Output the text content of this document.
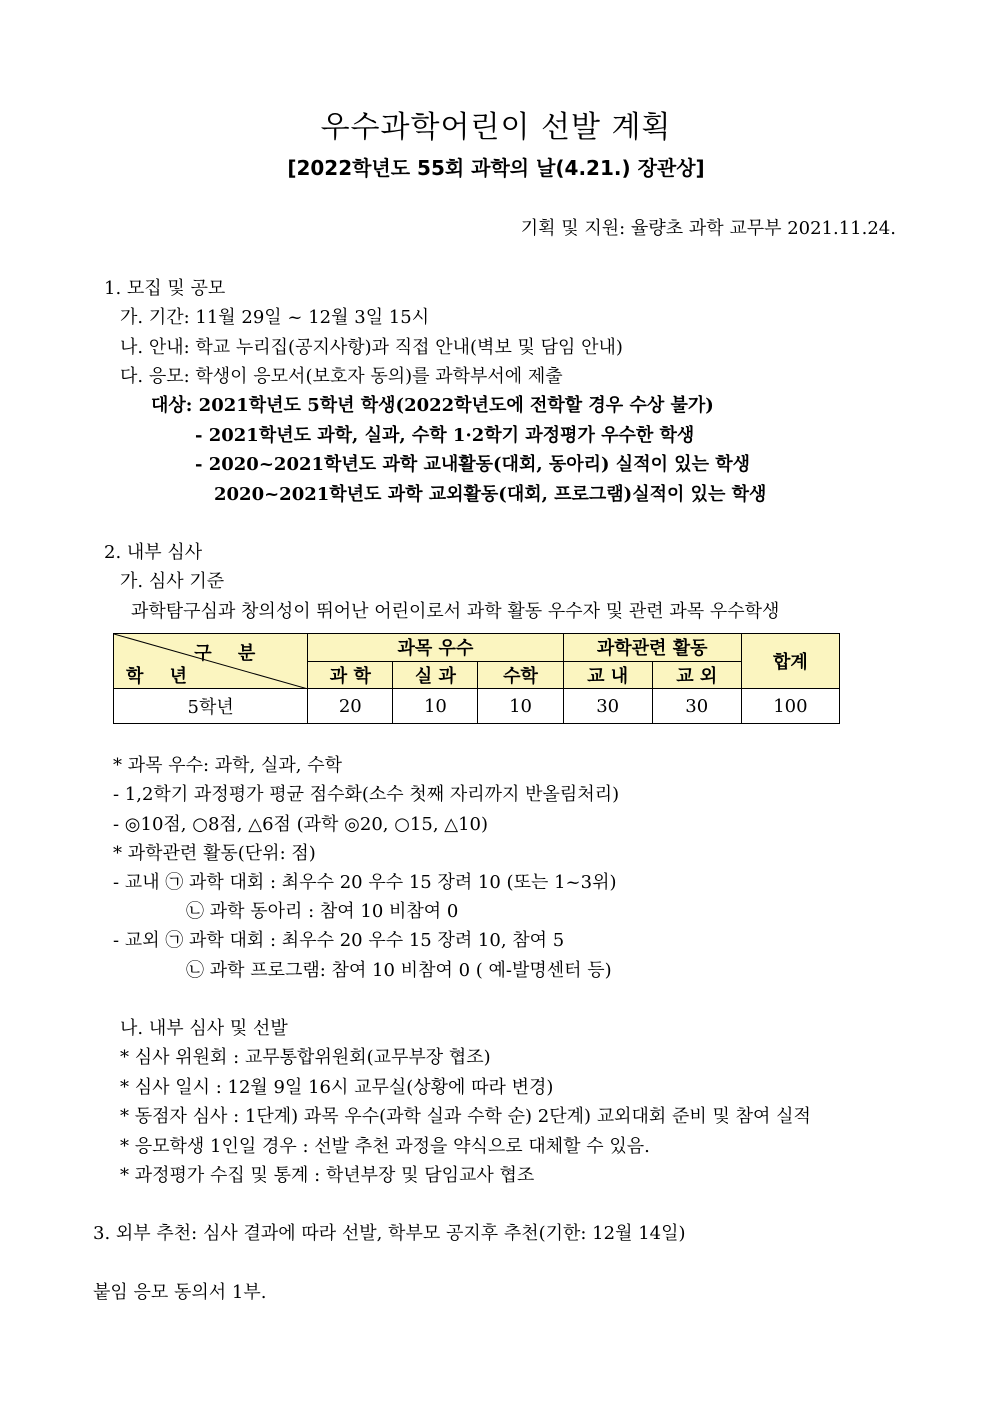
우수과학어린이 선발 계획
[2022학년도 55회 과학의 날(4.21.) 장관상]
기획 및 지원: 율량초 과학 교무부 2021.11.24.
1. 모집 및 공모
가. 기간: 11월 29일 ~ 12월 3일 15시
나. 안내: 학교 누리집(공지사항)과 직접 안내(벽보 및 담임 안내)
다. 응모: 학생이 응모서(보호자 동의)를 과학부서에 제출
대상: 2021학년도 5학년 학생(2022학년도에 전학할 경우 수상 불가)
- 2021학년도 과학, 실과, 수학 1·2학기 과정평가 우수한 학생
- 2020~2021학년도 과학 교내활동(대회, 동아리) 실적이 있는 학생
2020~2021학년도 과학 교외활동(대회, 프로그램)실적이 있는 학생
2. 내부 심사
가. 심사 기준
과학탐구심과 창의성이 뛰어난 어린이로서 과학 활동 우수자 및 관련 과목 우수학생
구 분
학 년	과목 우수			과학관련 활동		합계
	과 학	실 과	수학	교 내	교 외	
5학년	20	10	10	30	30	100
* 과목 우수: 과학, 실과, 수학
- 1,2학기 과정평가 평균 점수화(소수 첫째 자리까지 반올림처리)
- ◎10점, ○8점, △6점 (과학 ◎20, ○15, △10)
* 과학관련 활동(단위: 점)
- 교내 ㉠ 과학 대회 : 최우수 20 우수 15 장려 10 (또는 1~3위)
㉡ 과학 동아리 : 참여 10 비참여 0
- 교외 ㉠ 과학 대회 : 최우수 20 우수 15 장려 10, 참여 5
㉡ 과학 프로그램: 참여 10 비참여 0 ( 예-발명센터 등)
나. 내부 심사 및 선발
* 심사 위원회 : 교무통합위원회(교무부장 협조)
* 심사 일시 : 12월 9일 16시 교무실(상황에 따라 변경)
* 동점자 심사 : 1단계) 과목 우수(과학 실과 수학 순) 2단계) 교외대회 준비 및 참여 실적
* 응모학생 1인일 경우 : 선발 추천 과정을 약식으로 대체할 수 있음.
* 과정평가 수집 및 통계 : 학년부장 및 담임교사 협조
3. 외부 추천: 심사 결과에 따라 선발, 학부모 공지후 추천(기한: 12월 14일)
붙임 응모 동의서 1부.
